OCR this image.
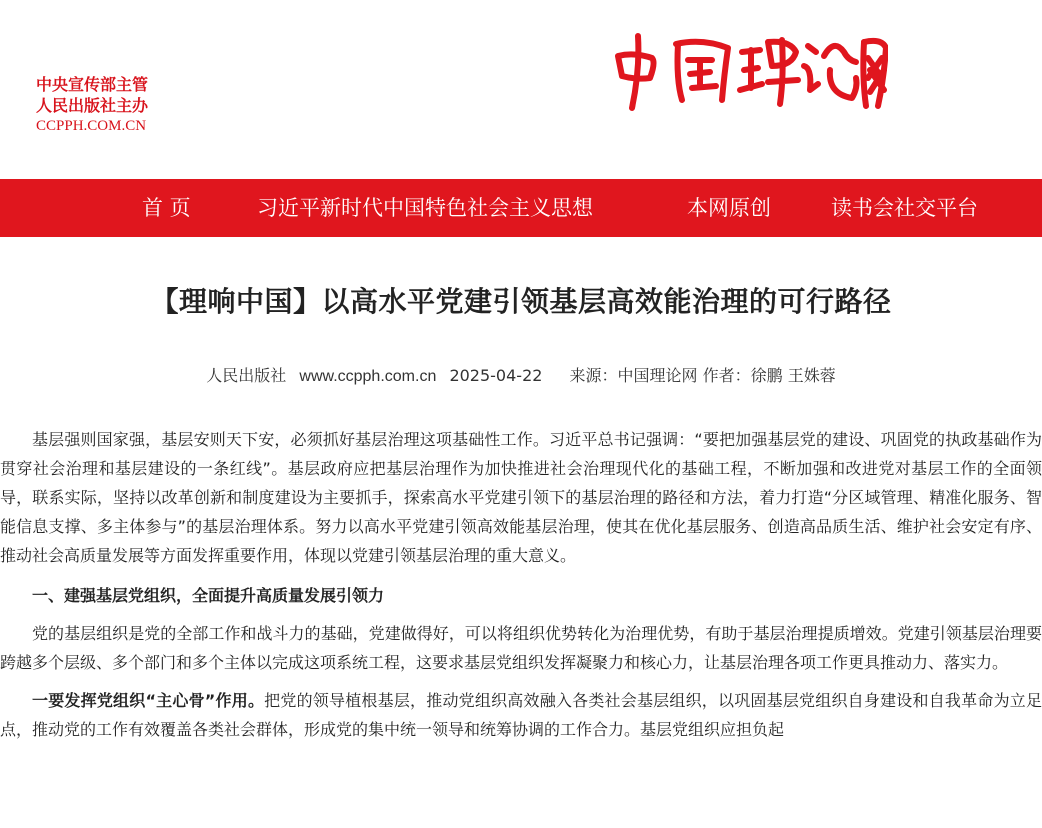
中央宣传部主管
人民出版社主办
CCPPH.COM.CN
首 页	习近平新时代中国特色社会主义思想	本网原创	读书会社交平台
【理响中国】以高水平党建引领基层高效能治理的可行路径
人民出版社 www.ccpph.com.cn 2025-04-22 来源：中国理论网 作者：徐鹏 王姝蓉

基层强则国家强，基层安则天下安，必须抓好基层治理这项基础性工作。习近平总书记强调：“要把加强基层党的建设、巩固党的执政基础作为贯穿社会治理和基层建设的一条红线”。基层政府应把基层治理作为加快推进社会治理现代化的基础工程，不断加强和改进党对基层工作的全面领导，联系实际，坚持以改革创新和制度建设为主要抓手，探索高水平党建引领下的基层治理的路径和方法，着力打造“分区域管理、精准化服务、智能信息支撑、多主体参与”的基层治理体系。努力以高水平党建引领高效能基层治理，使其在优化基层服务、创造高品质生活、维护社会安定有序、推动社会高质量发展等方面发挥重要作用，体现以党建引领基层治理的重大意义。

一、建强基层党组织，全面提升高质量发展引领力

党的基层组织是党的全部工作和战斗力的基础，党建做得好，可以将组织优势转化为治理优势，有助于基层治理提质增效。党建引领基层治理要跨越多个层级、多个部门和多个主体以完成这项系统工程，这要求基层党组织发挥凝聚力和核心力，让基层治理各项工作更具推动力、落实力。

一要发挥党组织“主心骨”作用。把党的领导植根基层，推动党组织高效融入各类社会基层组织，以巩固基层党组织自身建设和自我革命为立足点，推动党的工作有效覆盖各类社会群体，形成党的集中统一领导和统筹协调的工作合力。基层党组织应担负起
